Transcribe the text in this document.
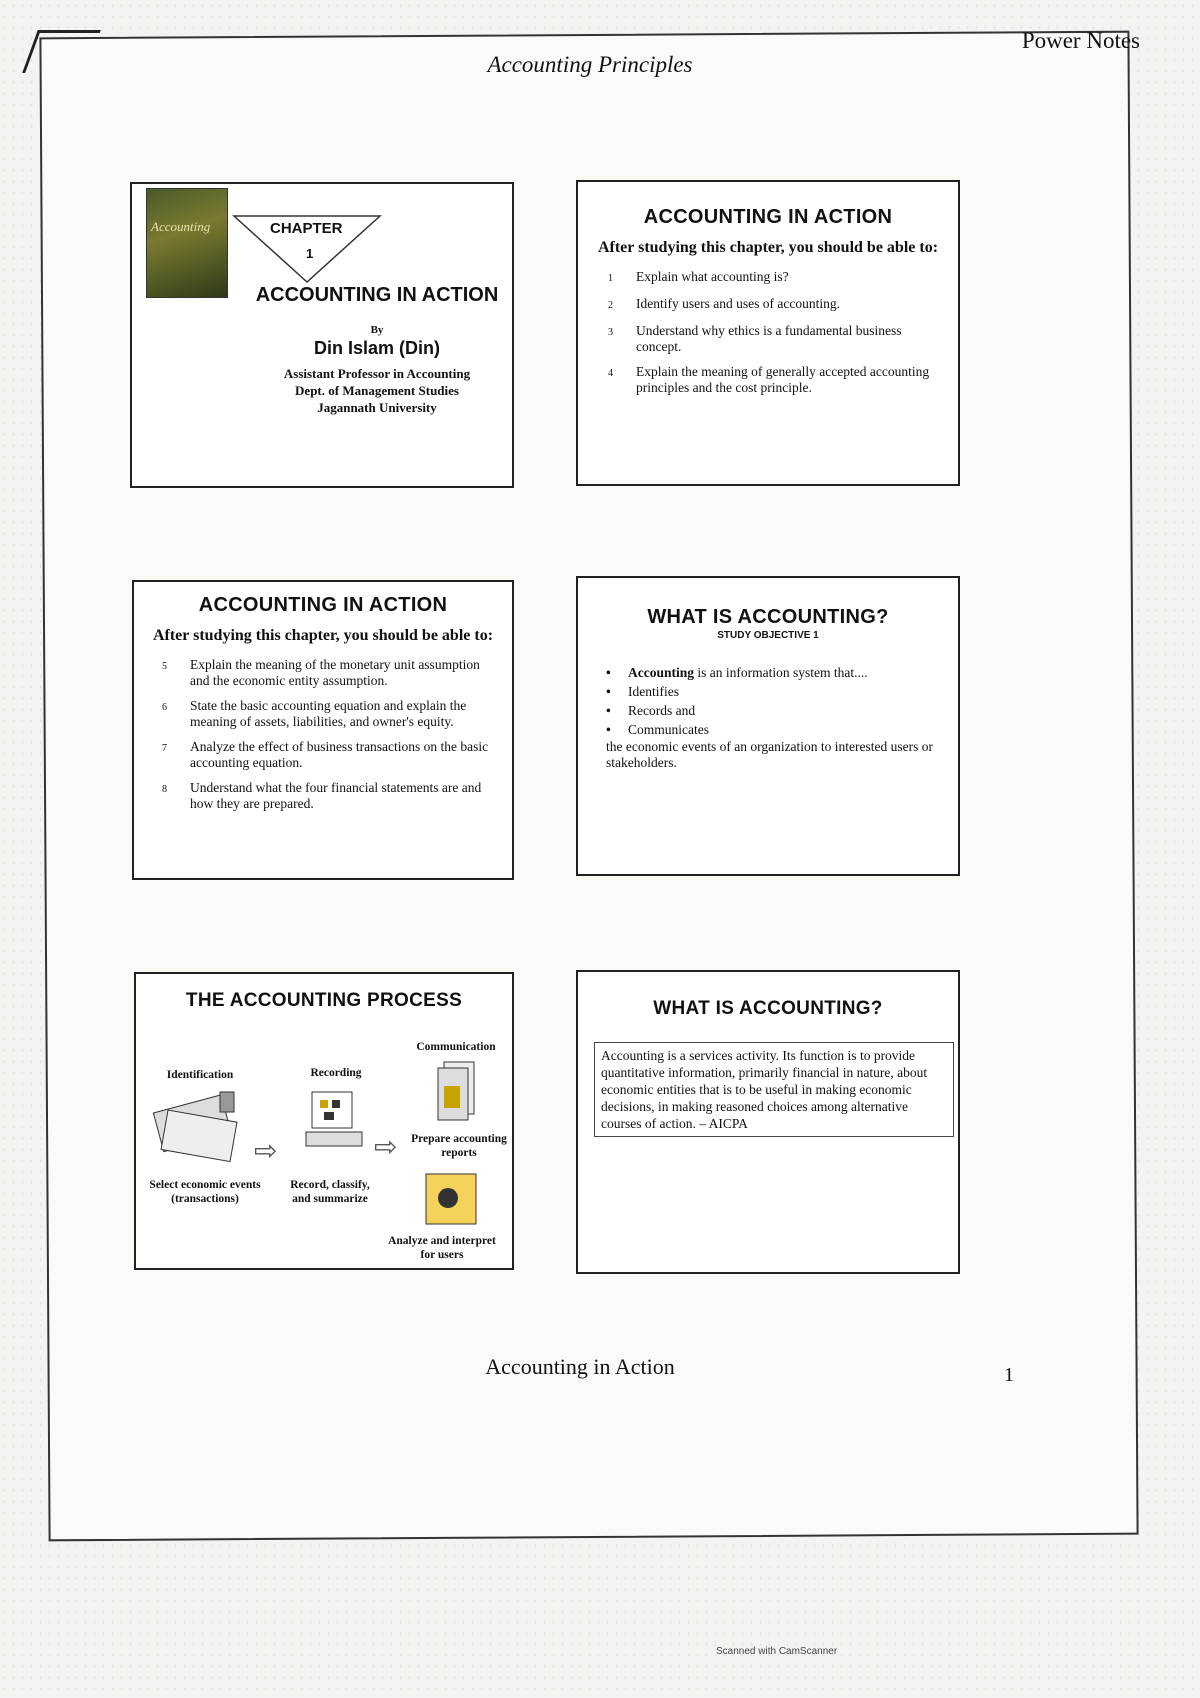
Accounting Principles
Power Notes
Accounting	CHAPTER
1
ACCOUNTING IN ACTION
By
Din Islam (Din)
Assistant Professor in Accounting
Dept. of Management Studies
Jagannath University
ACCOUNTING IN ACTION
After studying this chapter, you should be able to:
1	Explain what accounting is?
2	Identify users and uses of accounting.
3	Understand why ethics is a fundamental business concept.
4	Explain the meaning of generally accepted accounting principles and the cost principle.
ACCOUNTING IN ACTION
After studying this chapter, you should be able to:
5	Explain the meaning of the monetary unit assumption and the economic entity assumption.
6	State the basic accounting equation and explain the meaning of assets, liabilities, and owner's equity.
7	Analyze the effect of business transactions on the basic accounting equation.
8	Understand what the four financial statements are and how they are prepared.
WHAT IS ACCOUNTING?
STUDY OBJECTIVE 1
• Accounting is an information system that....
• Identifies
• Records and
• Communicates
the economic events of an organization to interested users or stakeholders.
THE ACCOUNTING PROCESS
Communication
Identification	Recording
⇨	⇨	Prepare accounting reports
Select economic events (transactions)
Record, classify, and summarize
Analyze and interpret for users
WHAT IS ACCOUNTING?
Accounting is a services activity. Its function is to provide quantitative information, primarily financial in nature, about economic entities that is to be useful in making economic decisions, in making reasoned choices among alternative courses of action. – AICPA
Accounting in Action	1
Scanned with CamScanner
